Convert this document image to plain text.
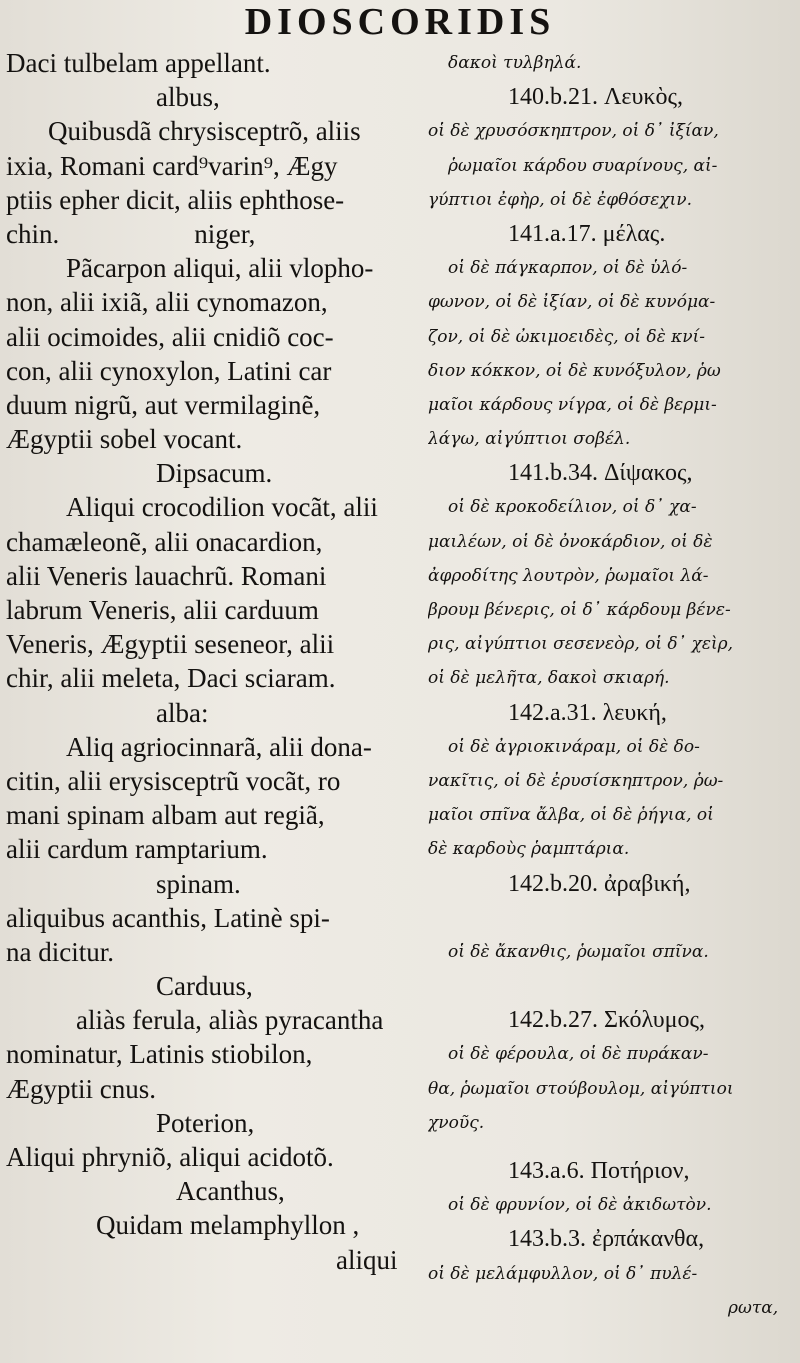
DIOSCORIDIS
Daci tulbelam appellant.
albus,
Quibusdã chrysisceptrõ, aliis
ixia, Romani card⁹varin⁹, Ægy
ptiis epher dicit, aliis ephthose-
chin.                    niger,
Pãcarpon aliqui, alii vlopho-
non, alii ixiã, alii cynomazon,
alii ocimoides, alii cnidiõ coc-
con, alii cynoxylon, Latini car
duum nigrũ, aut vermilaginẽ,
Ægyptii sobel vocant.
Dipsacum.
Aliqui crocodilion vocãt, alii
chamæleonẽ, alii onacardion,
alii Veneris lauachrũ. Romani
labrum Veneris, alii carduum
Veneris, Ægyptii seseneor, alii
chir, alii meleta, Daci sciaram.
alba:
Aliq agriocinnarã, alii dona-
citin, alii erysisceptrũ vocãt, ro
mani spinam albam aut regiã,
alii cardum ramptarium.
spinam.
aliquibus acanthis, Latinè spi-
na dicitur.
Carduus,
aliàs ferula, aliàs pyracantha
nominatur, Latinis stiobilon,
Ægyptii cnus.
Poterion,
Aliqui phryniõ, aliqui acidotõ.
Acanthus,
Quidam melamphyllon ,
aliqui
δακοὶ τυλβηλά.
140.b.21. Λευκὸς,
οἱ δὲ χρυσόσκηπτρον, οἱ δ᾽ ἰξίαν,
ῥωμαῖοι κάρδου συαρίνους, αἰ-
γύπτιοι ἐφὴρ, οἱ δὲ ἐφθόσεχιν.
141.a.17. μέλας.
οἱ δὲ πάγκαρπον, οἱ δὲ ὑλό-
φωνον, οἱ δὲ ἰξίαν, οἱ δὲ κυνόμα-
ζον, οἱ δὲ ὠκιμοειδὲς, οἱ δὲ κνί-
διον κόκκον, οἱ δὲ κυνόξυλον, ῥω
μαῖοι κάρδους νίγρα, οἱ δὲ βερμι-
λάγω, αἰγύπτιοι σοβέλ.
141.b.34. Δίψακος,
οἱ δὲ κροκοδείλιον, οἱ δ᾽ χα-
μαιλέων, οἱ δὲ ὀνοκάρδιον, οἱ δὲ
ἀφροδίτης λουτρὸν, ῥωμαῖοι λά-
βρουμ βένερις, οἱ δ᾽ κάρδουμ βένε-
ρις, αἰγύπτιοι σεσενεὸρ, οἱ δ᾽ χεὶρ,
οἱ δὲ μελῆτα, δακοὶ σκιαρή.
142.a.31. λευκή,
οἱ δὲ ἀγριοκινάραμ, οἱ δὲ δο-
νακῖτις, οἱ δὲ ἐρυσίσκηπτρον, ῥω-
μαῖοι σπῖνα ἄλβα, οἱ δὲ ῥήγια, οἱ
δὲ καρδοὺς ῥαμπτάρια.
142.b.20. ἀραβική,
οἱ δὲ ἄκανθις, ῥωμαῖοι σπῖνα.
142.b.27. Σκόλυμος,
οἱ δὲ φέρουλα, οἱ δὲ πυράκαν-
θα, ῥωμαῖοι στούβουλομ, αἰγύπτιοι
χνοῦς.
143.a.6. Ποτήριον,
οἱ δὲ φρυνίον, οἱ δὲ ἀκιδωτὸν.
143.b.3. ἐρπάκανθα,
οἱ δὲ μελάμφυλλον, οἱ δ᾽ πυλέ-
ρωτα,
